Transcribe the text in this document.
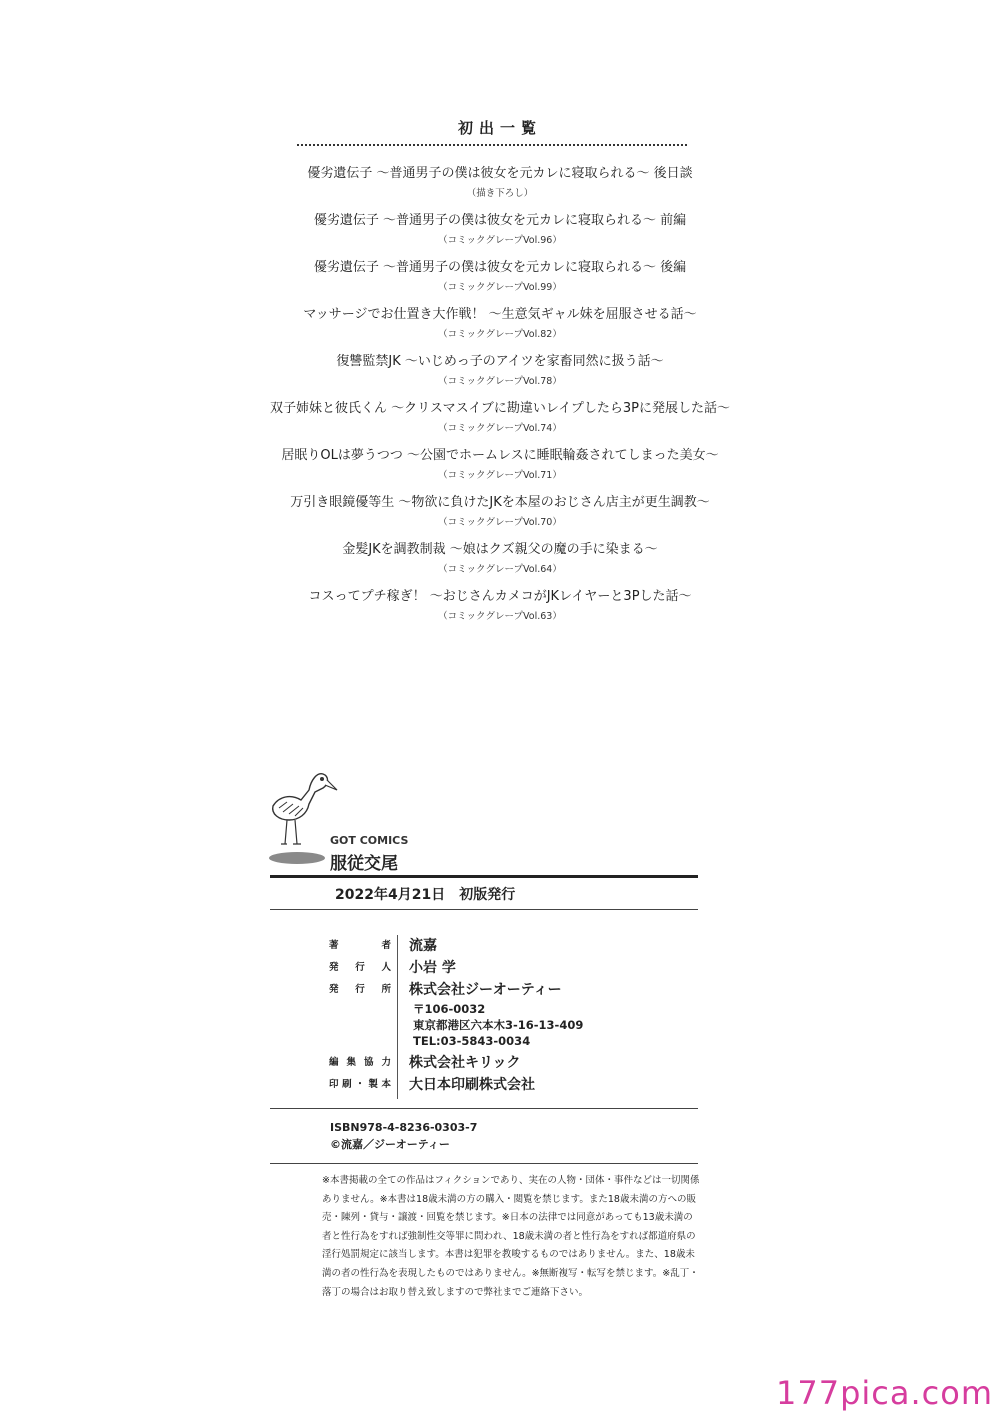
初出一覧
優劣遺伝子 ～普通男子の僕は彼女を元カレに寝取られる～ 後日談
（描き下ろし）
優劣遺伝子 ～普通男子の僕は彼女を元カレに寝取られる～ 前編
（コミックグレープVol.96）
優劣遺伝子 ～普通男子の僕は彼女を元カレに寝取られる～ 後編
（コミックグレープVol.99）
マッサージでお仕置き大作戦！ ～生意気ギャル妹を屈服させる話～
（コミックグレープVol.82）
復讐監禁JK ～いじめっ子のアイツを家畜同然に扱う話～
（コミックグレープVol.78）
双子姉妹と彼氏くん ～クリスマスイブに勘違いレイプしたら3Pに発展した話～
（コミックグレープVol.74）
居眠りOLは夢うつつ ～公園でホームレスに睡眠輪姦されてしまった美女～
（コミックグレープVol.71）
万引き眼鏡優等生 ～物欲に負けたJKを本屋のおじさん店主が更生調教～
（コミックグレープVol.70）
金髪JKを調教制裁 ～娘はクズ親父の魔の手に染まる～
（コミックグレープVol.64）
コスってプチ稼ぎ！ ～おじさんカメコがJKレイヤーと3Pした話～
（コミックグレープVol.63）
GOT COMICS
服従交尾
2022年4月21日　初版発行
著者 流嘉
発行人 小岩 学
発行所 株式会社ジーオーティー
〒106-0032
東京都港区六本木3-16-13-409
TEL:03-5843-0034
編集協力 株式会社キリック
印刷・製本 大日本印刷株式会社
ISBN978-4-8236-0303-7
©流嘉／ジーオーティー

※本書掲載の全ての作品はフィクションであり、実在の人物・団体・事件などは一切関係ありません。※本書は18歳未満の方の購入・閲覧を禁じます。また18歳未満の方への販売・陳列・貸与・譲渡・回覧を禁じます。※日本の法律では同意があっても13歳未満の者と性行為をすれば強制性交等罪に問われ、18歳未満の者と性行為をすれば都道府県の淫行処罰規定に該当します。本書は犯罪を教唆するものではありません。また、18歳未満の者の性行為を表現したものではありません。※無断複写・転写を禁じます。※乱丁・落丁の場合はお取り替え致しますので弊社までご連絡下さい。

177pica.com
